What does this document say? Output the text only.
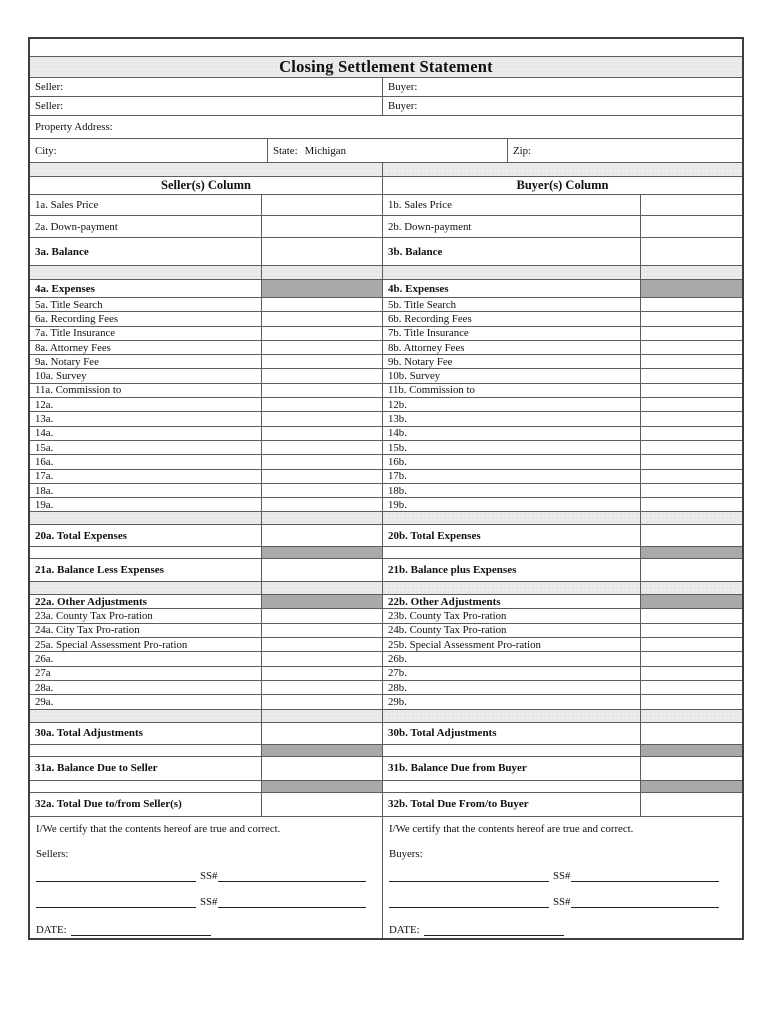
Closing Settlement Statement
Seller:	Buyer:
Seller:	Buyer:
Property Address:
City:	State: Michigan	Zip:
Seller(s) Column	Buyer(s) Column
1a. Sales Price	1b. Sales Price
2a. Down-payment	2b. Down-payment
3a. Balance	3b. Balance
4a. Expenses	4b. Expenses
5a. Title Search	5b. Title Search
6a. Recording Fees	6b. Recording Fees
7a. Title Insurance	7b. Title Insurance
8a. Attorney Fees	8b. Attorney Fees
9a. Notary Fee	9b. Notary Fee
10a. Survey	10b. Survey
11a. Commission to	11b. Commission to
12a.	12b.
13a.	13b.
14a.	14b.
15a.	15b.
16a.	16b.
17a.	17b.
18a.	18b.
19a.	19b.
20a. Total Expenses	20b. Total Expenses
21a. Balance Less Expenses	21b. Balance plus Expenses
22a. Other Adjustments	22b. Other Adjustments
23a. County Tax Pro-ration	23b. County Tax Pro-ration
24a. City Tax Pro-ration	24b. County Tax Pro-ration
25a. Special Assessment Pro-ration	25b. Special Assessment Pro-ration
26a.	26b.
27a	27b.
28a.	28b.
29a.	29b.
30a. Total Adjustments	30b. Total Adjustments
31a. Balance Due to Seller	31b. Balance Due from Buyer
32a. Total Due to/from Seller(s)	32b. Total Due From/to Buyer
I/We certify that the contents hereof are true and correct.
Sellers:
SS#
SS#
DATE:
I/We certify that the contents hereof are true and correct.
Buyers:
SS#
SS#
DATE:
